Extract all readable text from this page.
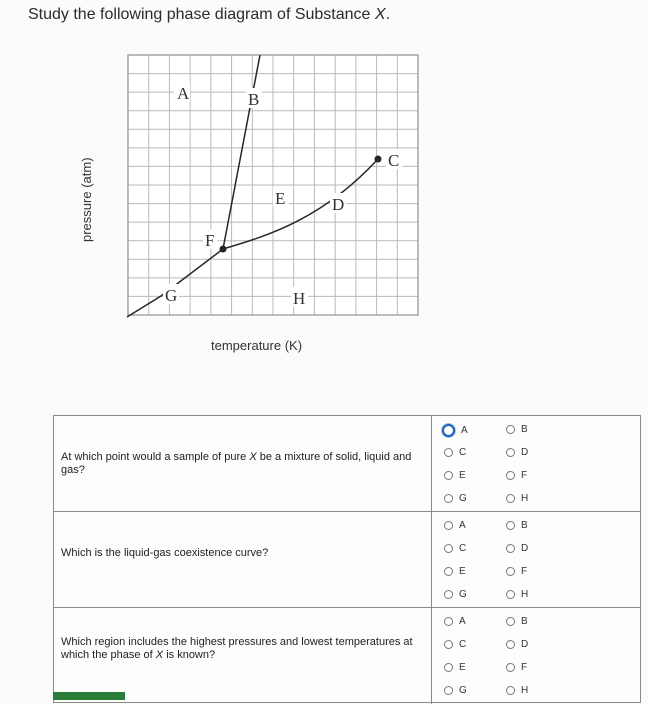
Study the following phase diagram of Substance X.
A	B
C
D
E
F
G	H
pressure (atm)
temperature (K)
At which point would a sample of pure X be a mixture of solid, liquid and gas?
A	B
C	D
E	F
G	H
Which is the liquid-gas coexistence curve?
A	B
C	D
E	F
G	H
Which region includes the highest pressures and lowest temperatures at which the phase of X is known?
A	B
C	D
E	F
G	H
